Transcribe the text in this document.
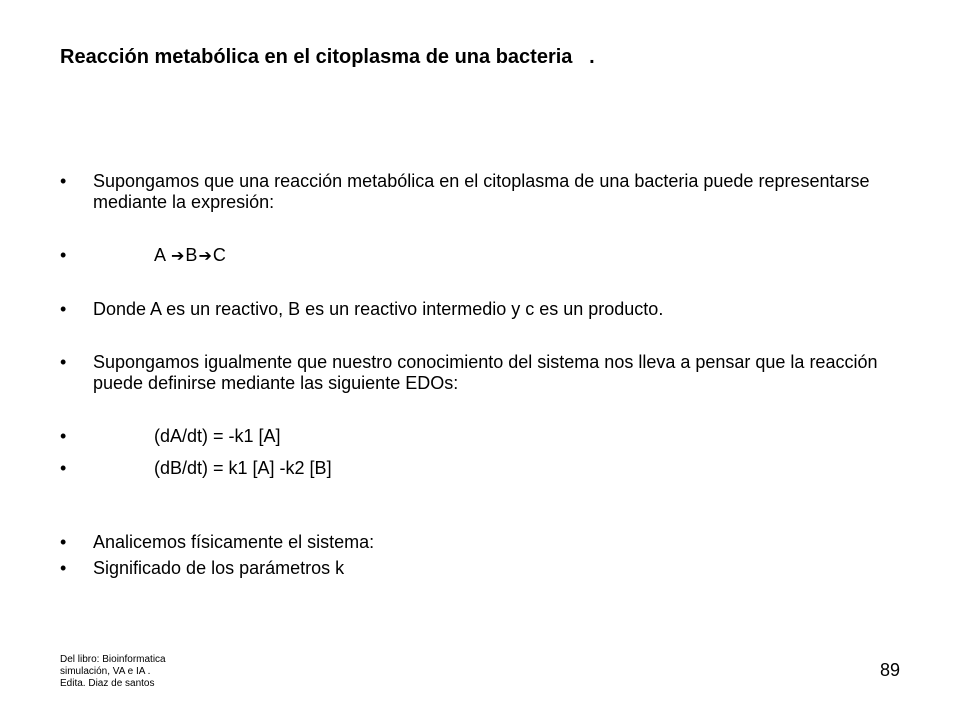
Reacción metabólica en el citoplasma de una bacteria   .
• Supongamos que una reacción metabólica en el citoplasma de una bacteria puede representarse mediante la expresión:
•	A ➔B➔C
• Donde A es un reactivo, B es un reactivo intermedio y c es un producto.
• Supongamos igualmente que nuestro conocimiento del sistema nos lleva a pensar que la reacción puede definirse mediante las siguiente EDOs:
•	(dA/dt) = -k1 [A]
•	(dB/dt) = k1 [A] -k2 [B]
• Analicemos físicamente el sistema:
• Significado de los parámetros k
Del libro: Bioinformatica
simulación, VA e IA .
Edita. Diaz de santos
89
